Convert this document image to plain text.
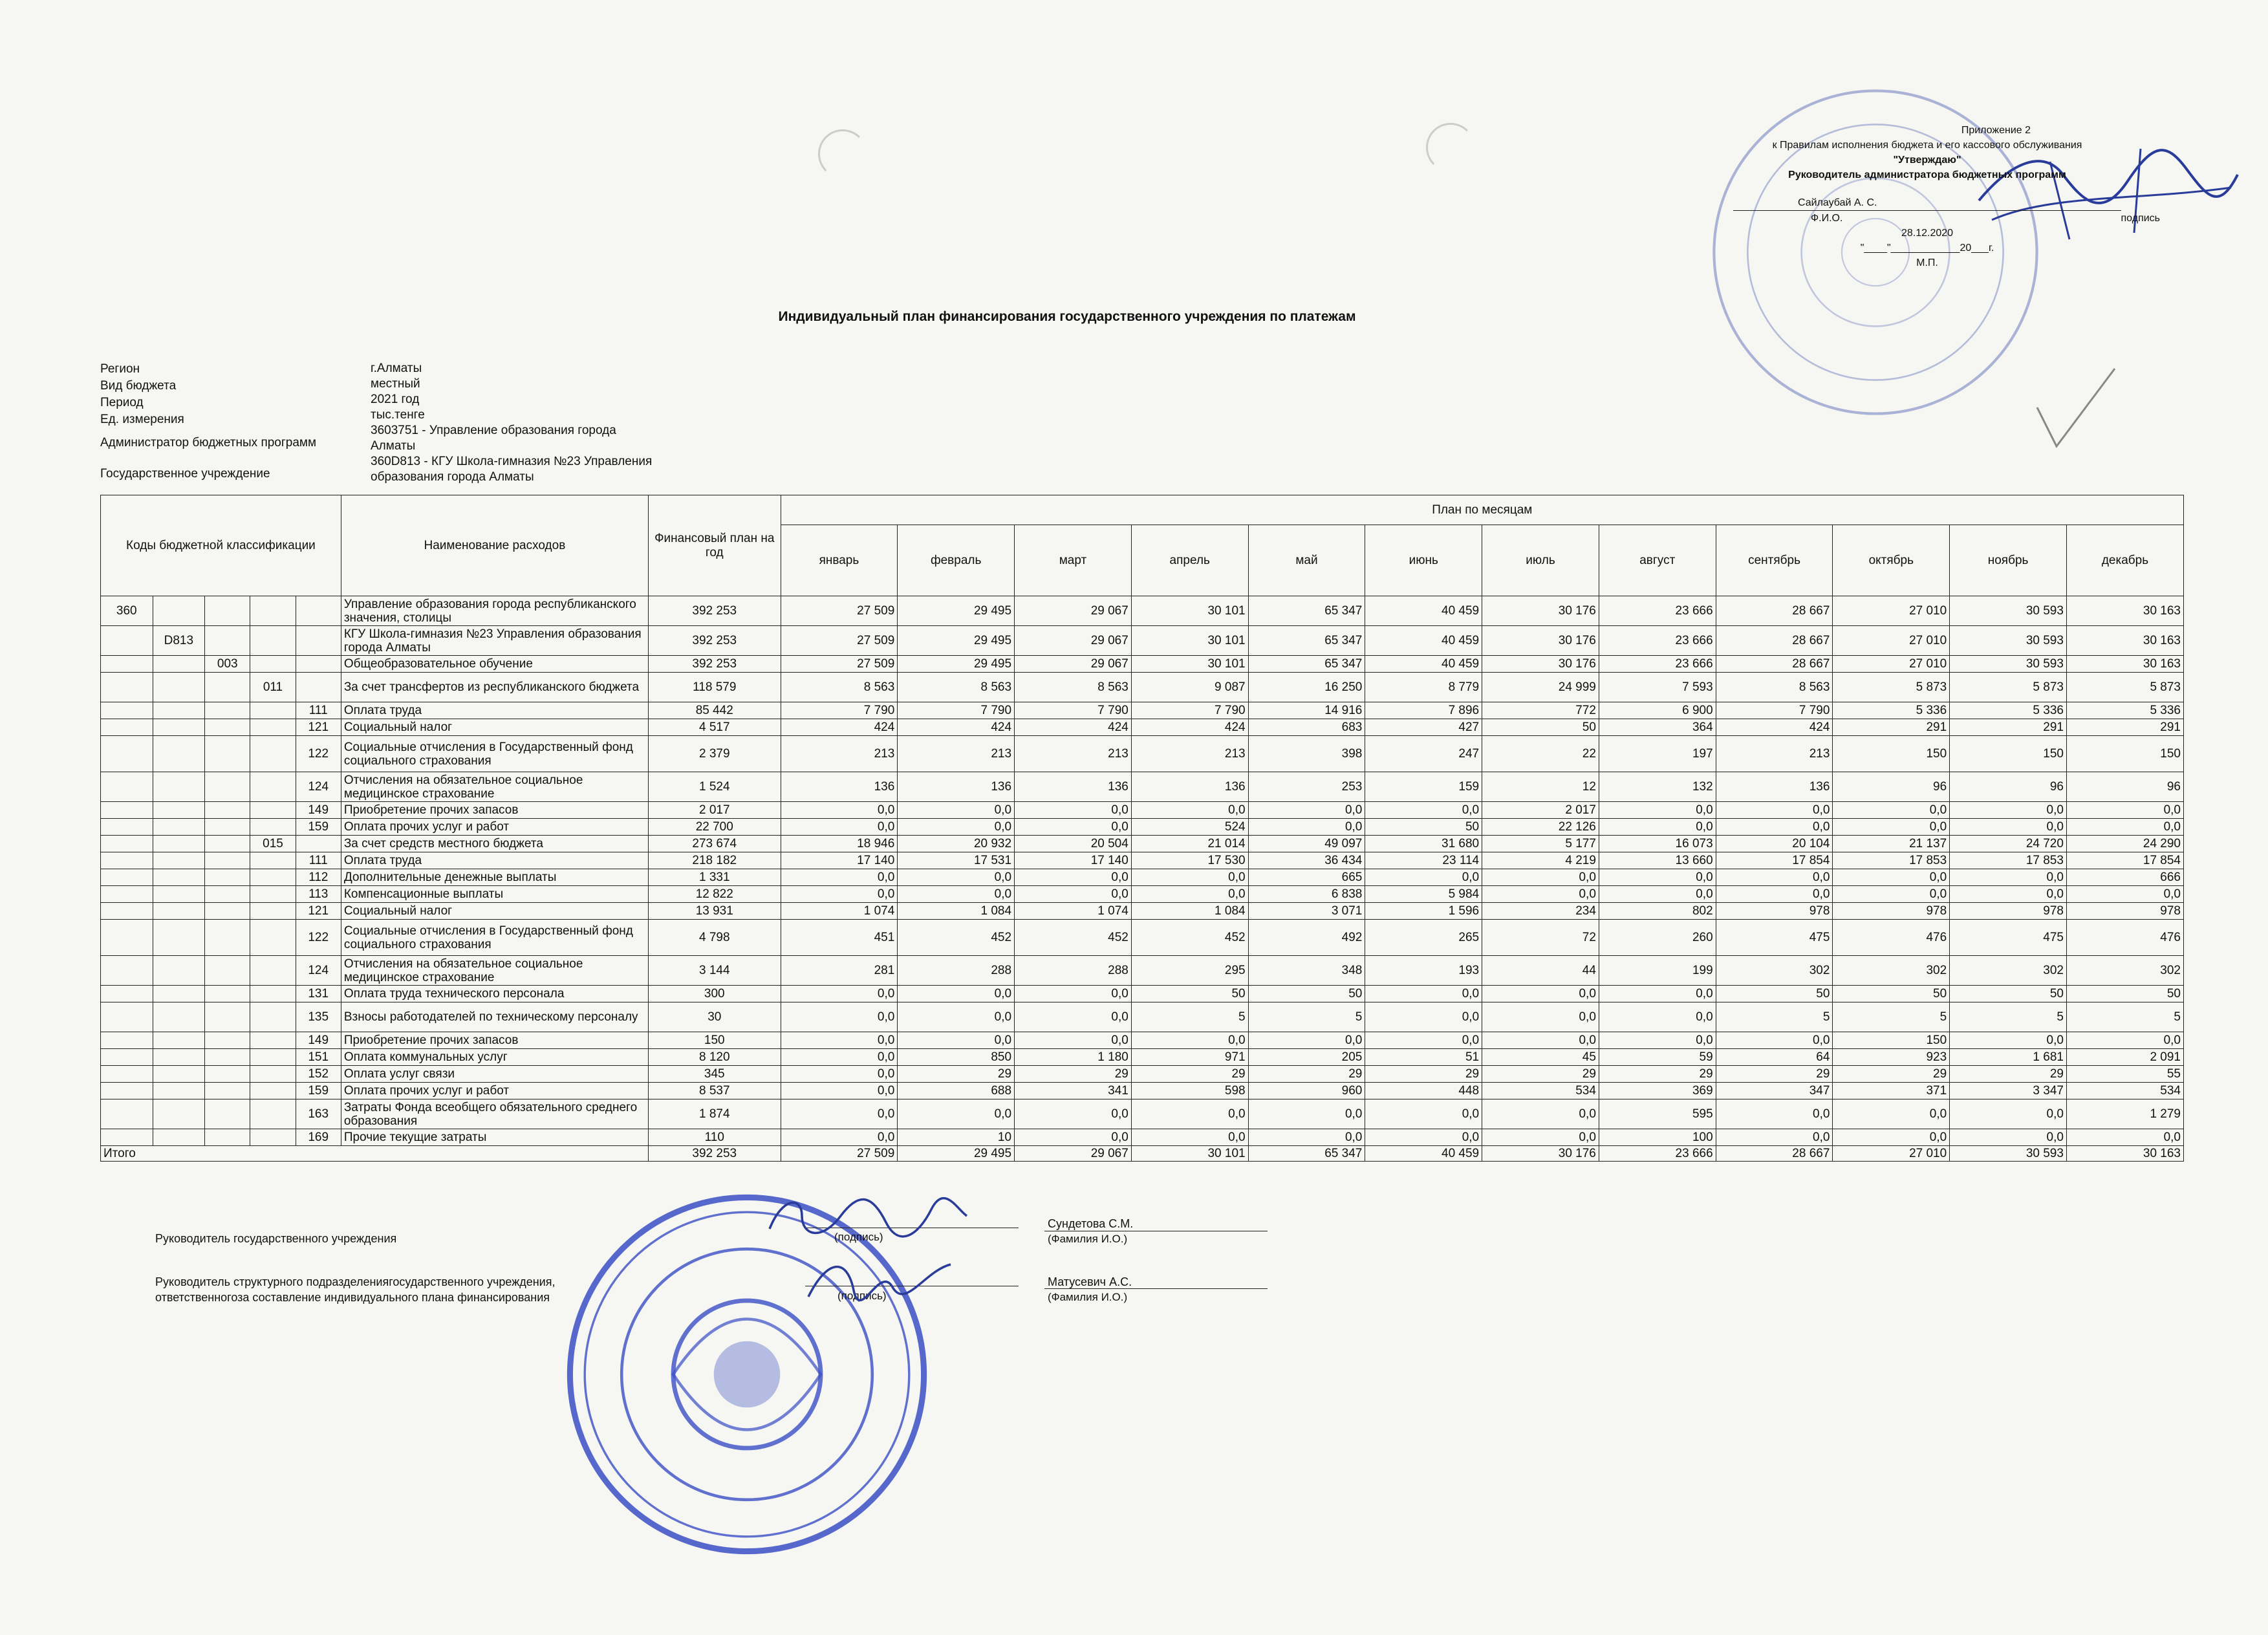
Приложение 2
к Правилам исполнения бюджета и его кассового обслуживания
"Утверждаю"
Руководитель администратора бюджетных программ
Сайлаубай А. С.
Ф.И.О.	подпись
28.12.2020
"____"____________20___г.
М.П.
Индивидуальный план финансирования государственного учреждения по платежам
Регион	г.Алматы
Вид бюджета	местный
Период	2021 год
Ед. измерения	тыс.тенге
Администратор бюджетных программ
3603751 - Управление образования города Алматы
Государственное учреждение
360D813 - КГУ Школа-гимназия №23 Управления образования города Алматы
Коды бюджетной классификации					Наименование расходов	Финансовый план на год	План по месяцам											
							январь	февраль	март	апрель	май	июнь	июль	август	сентябрь	октябрь	ноябрь	декабрь
360					Управление образования города республиканского значения, столицы	392 253	27 509	29 495	29 067	30 101	65 347	40 459	30 176	23 666	28 667	27 010	30 593	30 163
	D813				КГУ Школа-гимназия №23 Управления образования города Алматы	392 253	27 509	29 495	29 067	30 101	65 347	40 459	30 176	23 666	28 667	27 010	30 593	30 163
		003			Общеобразовательное обучение	392 253	27 509	29 495	29 067	30 101	65 347	40 459	30 176	23 666	28 667	27 010	30 593	30 163
			011		За счет трансфертов из республиканского бюджета	118 579	8 563	8 563	8 563	9 087	16 250	8 779	24 999	7 593	8 563	5 873	5 873	5 873
				111	Оплата труда	85 442	7 790	7 790	7 790	7 790	14 916	7 896	772	6 900	7 790	5 336	5 336	5 336
				121	Социальный налог	4 517	424	424	424	424	683	427	50	364	424	291	291	291
				122	Социальные отчисления в Государственный фонд социального страхования	2 379	213	213	213	213	398	247	22	197	213	150	150	150
				124	Отчисления на обязательное социальное медицинское страхование	1 524	136	136	136	136	253	159	12	132	136	96	96	96
				149	Приобретение прочих запасов	2 017	0,0	0,0	0,0	0,0	0,0	0,0	2 017	0,0	0,0	0,0	0,0	0,0
				159	Оплата прочих услуг и работ	22 700	0,0	0,0	0,0	524	0,0	50	22 126	0,0	0,0	0,0	0,0	0,0
			015		За счет средств местного бюджета	273 674	18 946	20 932	20 504	21 014	49 097	31 680	5 177	16 073	20 104	21 137	24 720	24 290
				111	Оплата труда	218 182	17 140	17 531	17 140	17 530	36 434	23 114	4 219	13 660	17 854	17 853	17 853	17 854
				112	Дополнительные денежные выплаты	1 331	0,0	0,0	0,0	0,0	665	0,0	0,0	0,0	0,0	0,0	0,0	666
				113	Компенсационные выплаты	12 822	0,0	0,0	0,0	0,0	6 838	5 984	0,0	0,0	0,0	0,0	0,0	0,0
				121	Социальный налог	13 931	1 074	1 084	1 074	1 084	3 071	1 596	234	802	978	978	978	978
				122	Социальные отчисления в Государственный фонд социального страхования	4 798	451	452	452	452	492	265	72	260	475	476	475	476
				124	Отчисления на обязательное социальное медицинское страхование	3 144	281	288	288	295	348	193	44	199	302	302	302	302
				131	Оплата труда технического персонала	300	0,0	0,0	0,0	50	50	0,0	0,0	0,0	50	50	50	50
				135	Взносы работодателей по техническому персоналу	30	0,0	0,0	0,0	5	5	0,0	0,0	0,0	5	5	5	5
				149	Приобретение прочих запасов	150	0,0	0,0	0,0	0,0	0,0	0,0	0,0	0,0	0,0	150	0,0	0,0
				151	Оплата коммунальных услуг	8 120	0,0	850	1 180	971	205	51	45	59	64	923	1 681	2 091
				152	Оплата услуг связи	345	0,0	29	29	29	29	29	29	29	29	29	29	55
				159	Оплата прочих услуг и работ	8 537	0,0	688	341	598	960	448	534	369	347	371	3 347	534
				163	Затраты Фонда всеобщего обязательного среднего образования	1 874	0,0	0,0	0,0	0,0	0,0	0,0	0,0	595	0,0	0,0	0,0	1 279
				169	Прочие текущие затраты	110	0,0	10	0,0	0,0	0,0	0,0	0,0	100	0,0	0,0	0,0	0,0
Итого						392 253	27 509	29 495	29 067	30 101	65 347	40 459	30 176	23 666	28 667	27 010	30 593	30 163
Руководитель государственного учреждения	(подпись)
Сундетова С.М.
(Фамилия И.О.)
Руководитель структурного подразделениягосударственного учреждения,
ответственногоза составление индивидуального плана финансирования	(подпись)
Матусевич А.С.
(Фамилия И.О.)
